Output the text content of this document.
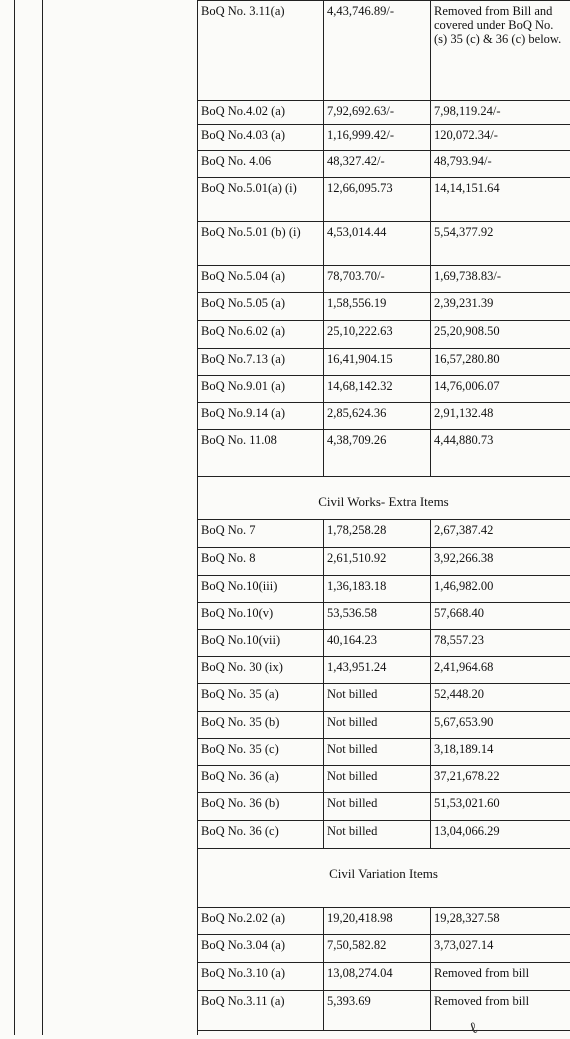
BoQ No. 3.11(a)	4,43,746.89/-	Removed from Bill and covered under BoQ No.(s) 35 (c) & 36 (c) below.
BoQ No.4.02 (a)	7,92,692.63/-	7,98,119.24/-
BoQ No.4.03 (a)	1,16,999.42/-	120,072.34/-
BoQ No. 4.06	48,327.42/-	48,793.94/-
BoQ No.5.01(a) (i)	12,66,095.73	14,14,151.64
BoQ No.5.01 (b) (i)	4,53,014.44	5,54,377.92
BoQ No.5.04 (a)	78,703.70/-	1,69,738.83/-
BoQ No.5.05 (a)	1,58,556.19	2,39,231.39
BoQ No.6.02 (a)	25,10,222.63	25,20,908.50
BoQ No.7.13 (a)	16,41,904.15	16,57,280.80
BoQ No.9.01 (a)	14,68,142.32	14,76,006.07
BoQ No.9.14 (a)	2,85,624.36	2,91,132.48
BoQ No. 11.08	4,38,709.26	4,44,880.73
BoQ No. 7	1,78,258.28	2,67,387.42
BoQ No. 8	2,61,510.92	3,92,266.38
BoQ No.10(iii)	1,36,183.18	1,46,982.00
BoQ No.10(v)	53,536.58	57,668.40
BoQ No.10(vii)	40,164.23	78,557.23
BoQ No. 30 (ix)	1,43,951.24	2,41,964.68
BoQ No. 35 (a)	Not billed	52,448.20
BoQ No. 35 (b)	Not billed	5,67,653.90
BoQ No. 35 (c)	Not billed	3,18,189.14
BoQ No. 36 (a)	Not billed	37,21,678.22
BoQ No. 36 (b)	Not billed	51,53,021.60
BoQ No. 36 (c)	Not billed	13,04,066.29
BoQ No.2.02 (a)	19,20,418.98	19,28,327.58
BoQ No.3.04 (a)	7,50,582.82	3,73,027.14
BoQ No.3.10 (a)	13,08,274.04	Removed from bill
BoQ No.3.11 (a)	5,393.69	Removed from bill
Civil Works- Extra Items
Civil Variation Items
ℓ
